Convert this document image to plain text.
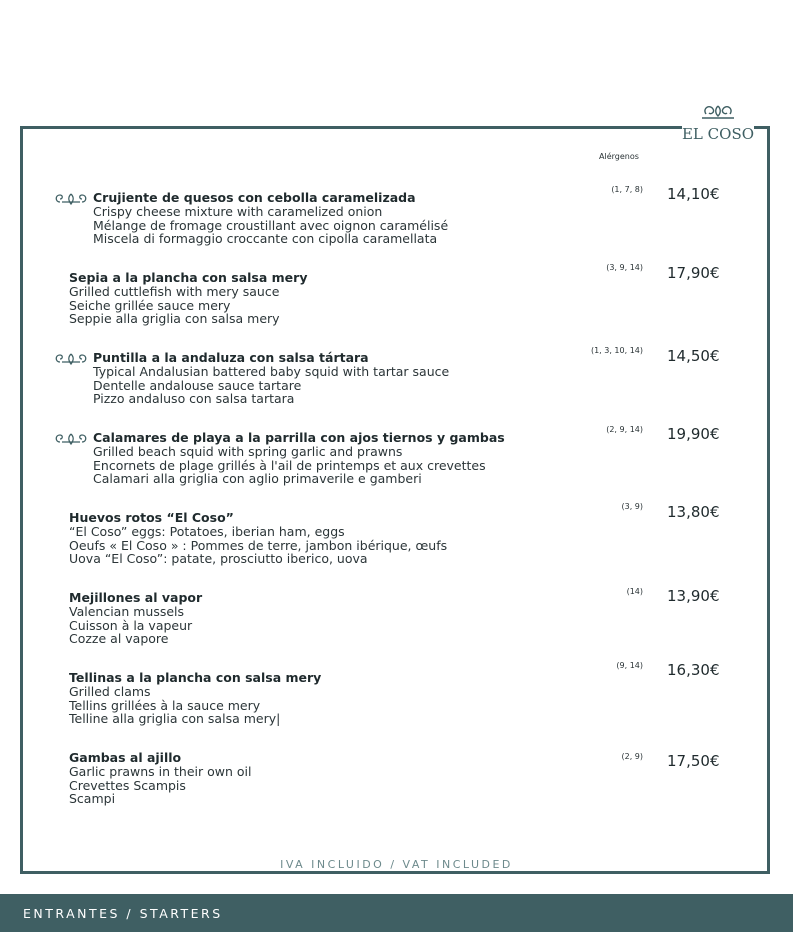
EL COSO
Alérgenos
Crujiente de quesos con cebolla caramelizada
Crispy cheese mixture with caramelized onion
Mélange de fromage croustillant avec oignon caramélisé
Miscela di formaggio croccante con cipolla caramellata
(1, 7, 8) 14,10€
Sepia a la plancha con salsa mery
Grilled cuttlefish with mery sauce
Seiche grillée sauce mery
Seppie alla griglia con salsa mery
(3, 9, 14) 17,90€
Puntilla a la andaluza con salsa tártara
Typical Andalusian battered baby squid with tartar sauce
Dentelle andalouse sauce tartare
Pizzo andaluso con salsa tartara
(1, 3, 10, 14) 14,50€
Calamares de playa a la parrilla con ajos tiernos y gambas
Grilled beach squid with spring garlic and prawns
Encornets de plage grillés à l'ail de printemps et aux crevettes
Calamari alla griglia con aglio primaverile e gamberi
(2, 9, 14) 19,90€
Huevos rotos “El Coso”
“El Coso” eggs: Potatoes, iberian ham, eggs
Oeufs « El Coso » : Pommes de terre, jambon ibérique, œufs
Uova “El Coso”: patate, prosciutto iberico, uova
(3, 9) 13,80€
Mejillones al vapor
Valencian mussels
Cuisson à la vapeur
Cozze al vapore
(14) 13,90€
Tellinas a la plancha con salsa mery
Grilled clams
Tellins grillées à la sauce mery
Telline alla griglia con salsa mery|
(9, 14) 16,30€
Gambas al ajillo
Garlic prawns in their own oil
Crevettes Scampis
Scampi
(2, 9) 17,50€
IVA INCLUIDO / VAT INCLUDED
ENTRANTES / STARTERS
